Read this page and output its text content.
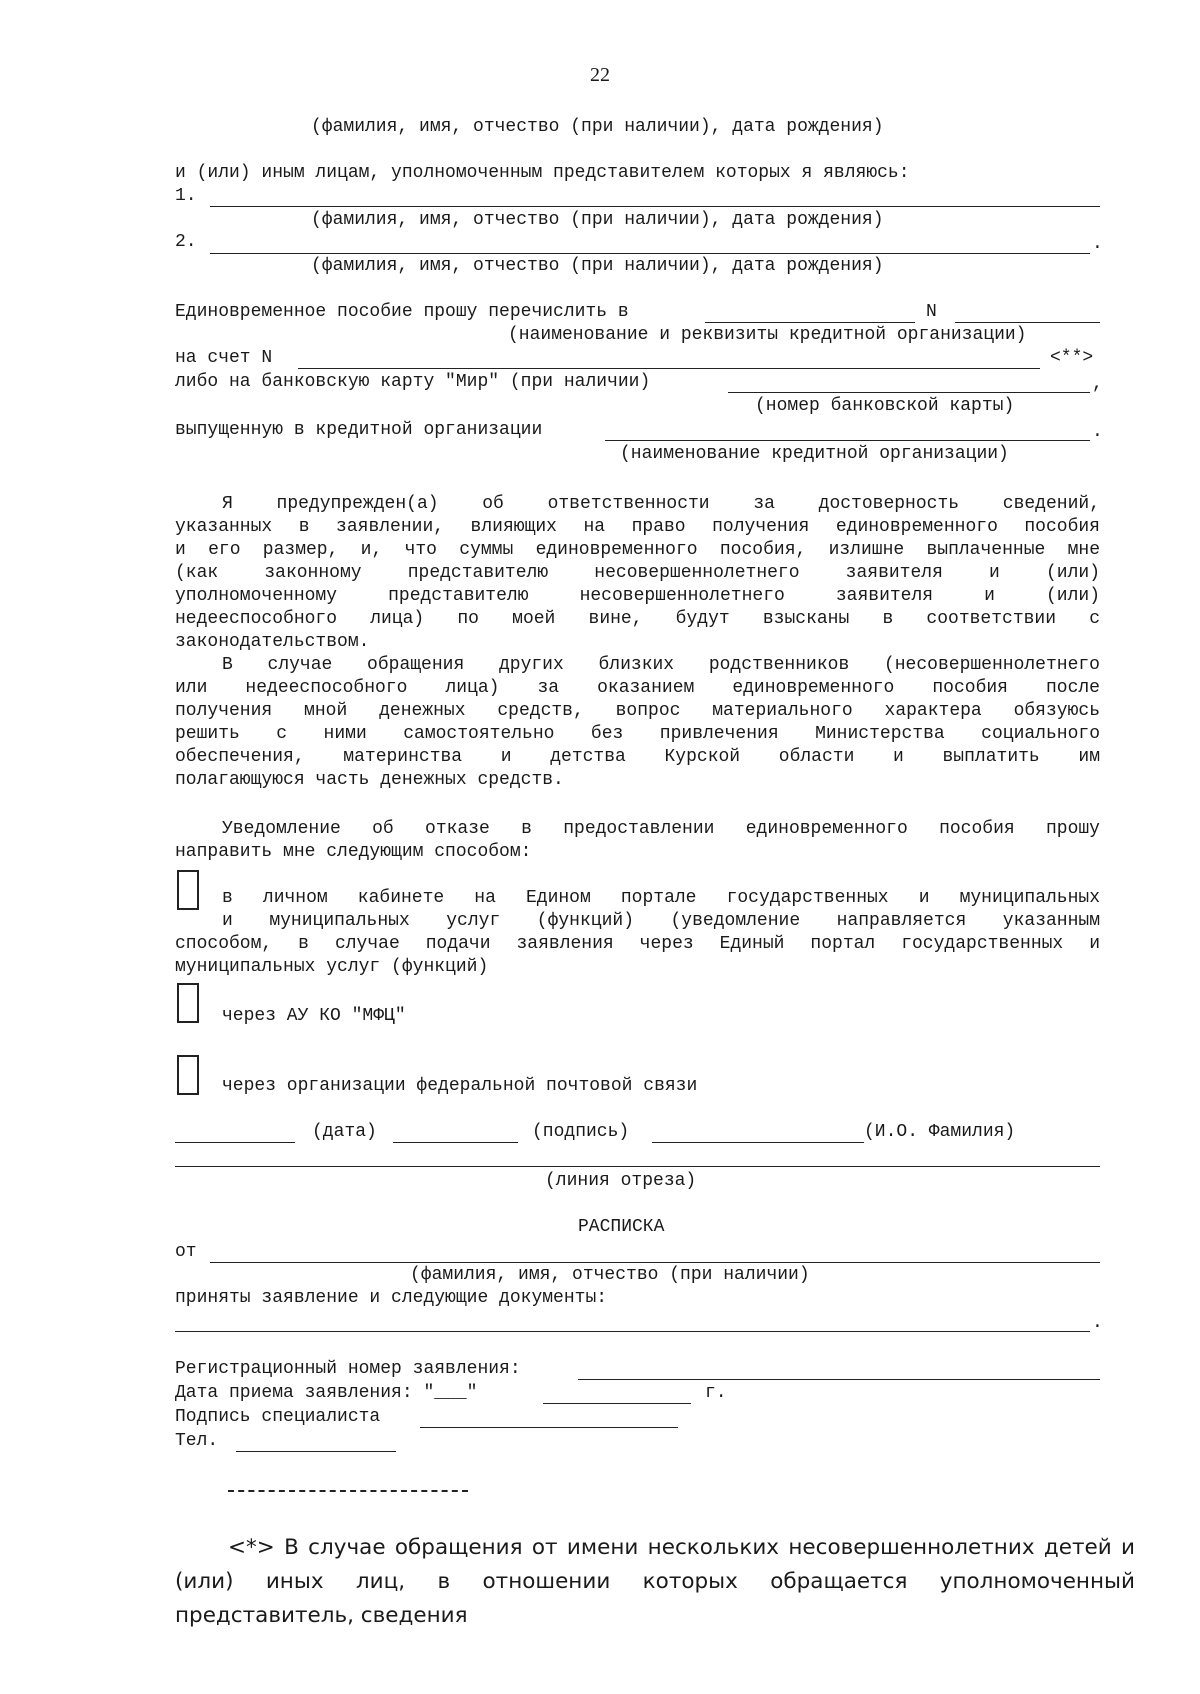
22
(фамилия, имя, отчество (при наличии), дата рождения)
и (или) иным лицам, уполномоченным представителем которых я являюсь:
1.
(фамилия, имя, отчество (при наличии), дата рождения)
2.	.
(фамилия, имя, отчество (при наличии), дата рождения)
Единовременное пособие прошу перечислить в	N
(наименование и реквизиты кредитной организации)
на счет N	<**>
либо на банковскую карту "Мир" (при наличии)	,
(номер банковской карты)
выпущенную в кредитной организации	.
(наименование кредитной организации)
Я предупрежден(а) об ответственности за достоверность сведений,
указанных в заявлении, влияющих на право получения единовременного пособия
и его размер, и, что суммы единовременного пособия, излишне выплаченные мне
(как законному представителю несовершеннолетнего заявителя и (или)
уполномоченному представителю несовершеннолетнего заявителя и (или)
недееспособного лица) по моей вине, будут взысканы в соответствии с
законодательством.
В случае обращения других близких родственников (несовершеннолетнего
или недееспособного лица) за оказанием единовременного пособия после
получения мной денежных средств, вопрос материального характера обязуюсь
решить с ними самостоятельно без привлечения Министерства социального
обеспечения, материнства и детства Курской области и выплатить им
полагающуюся часть денежных средств.
Уведомление об отказе в предоставлении единовременного пособия прошу
направить мне следующим способом:
в личном кабинете на Едином портале государственных и муниципальных
и муниципальных услуг (функций) (уведомление направляется указанным
способом, в случае подачи заявления через Единый портал государственных и
муниципальных услуг (функций)
через АУ КО "МФЦ"
через организации федеральной почтовой связи
(дата)	(подпись)	(И.О. Фамилия)
(линия отреза)
РАСПИСКА
от
(фамилия, имя, отчество (при наличии)
приняты заявление и следующие документы:
.
Регистрационный номер заявления:
Дата приема заявления: "___"	г.
Подпись специалиста
Тел.
<*> В случае обращения от имени нескольких несовершеннолетних детей и (или) иных лиц, в отношении которых обращается уполномоченный представитель, сведения
